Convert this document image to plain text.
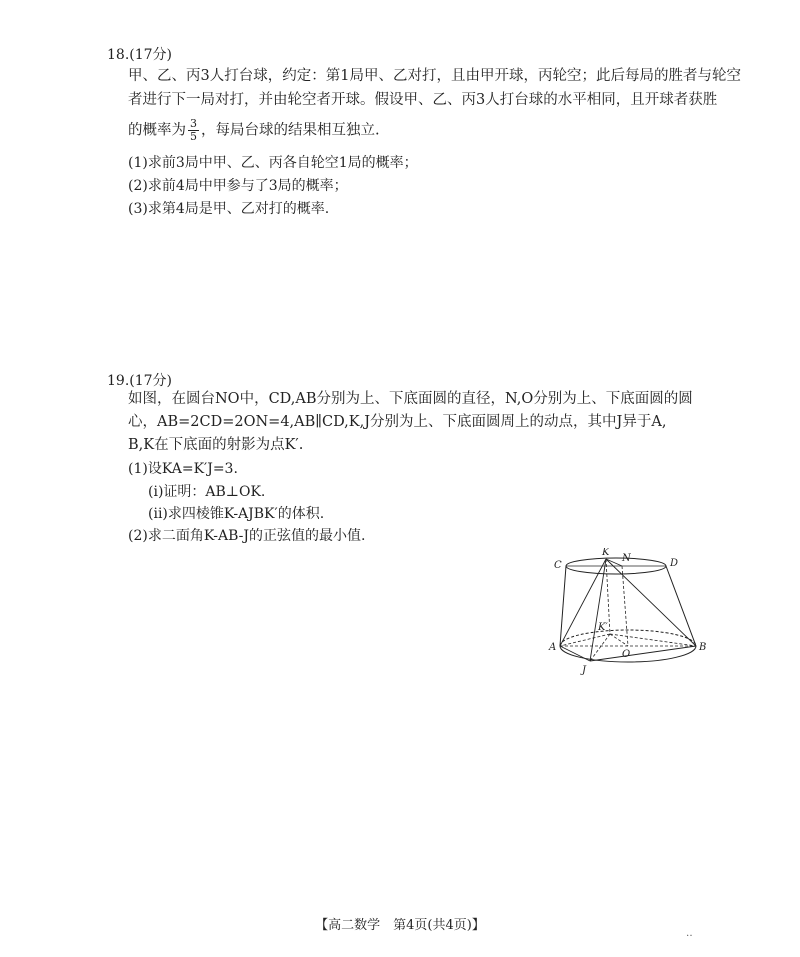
18.(17分)
甲、乙、丙3人打台球，约定：第1局甲、乙对打，且由甲开球，丙轮空；此后每局的胜者与轮空
者进行下一局对打，并由轮空者开球。假设甲、乙、丙3人打台球的水平相同，且开球者获胜
的概率为 $\frac{3}{5}$ ，每局台球的结果相互独立.
(1)求前3局中甲、乙、丙各自轮空1局的概率；
(2)求前4局中甲参与了3局的概率；
(3)求第4局是甲、乙对打的概率.
19.(17分)
如图，在圆台NO中，CD,AB分别为上、下底面圆的直径，N,O分别为上、下底面圆的圆
心，AB=2CD=2ON=4,AB∥CD,K,J分别为上、下底面圆周上的动点，其中J异于A,
B,K在下底面的射影为点K′.
(1)设KA=K′J=3.
(ⅰ)证明：AB⊥OK.
(ⅱ)求四棱锥K-AJBK′的体积.
(2)求二面角K-AB-J的正弦值的最小值.
K
N
C	D
K′
A
O
B
J
【高二数学　第4页(共4页)】
‥
